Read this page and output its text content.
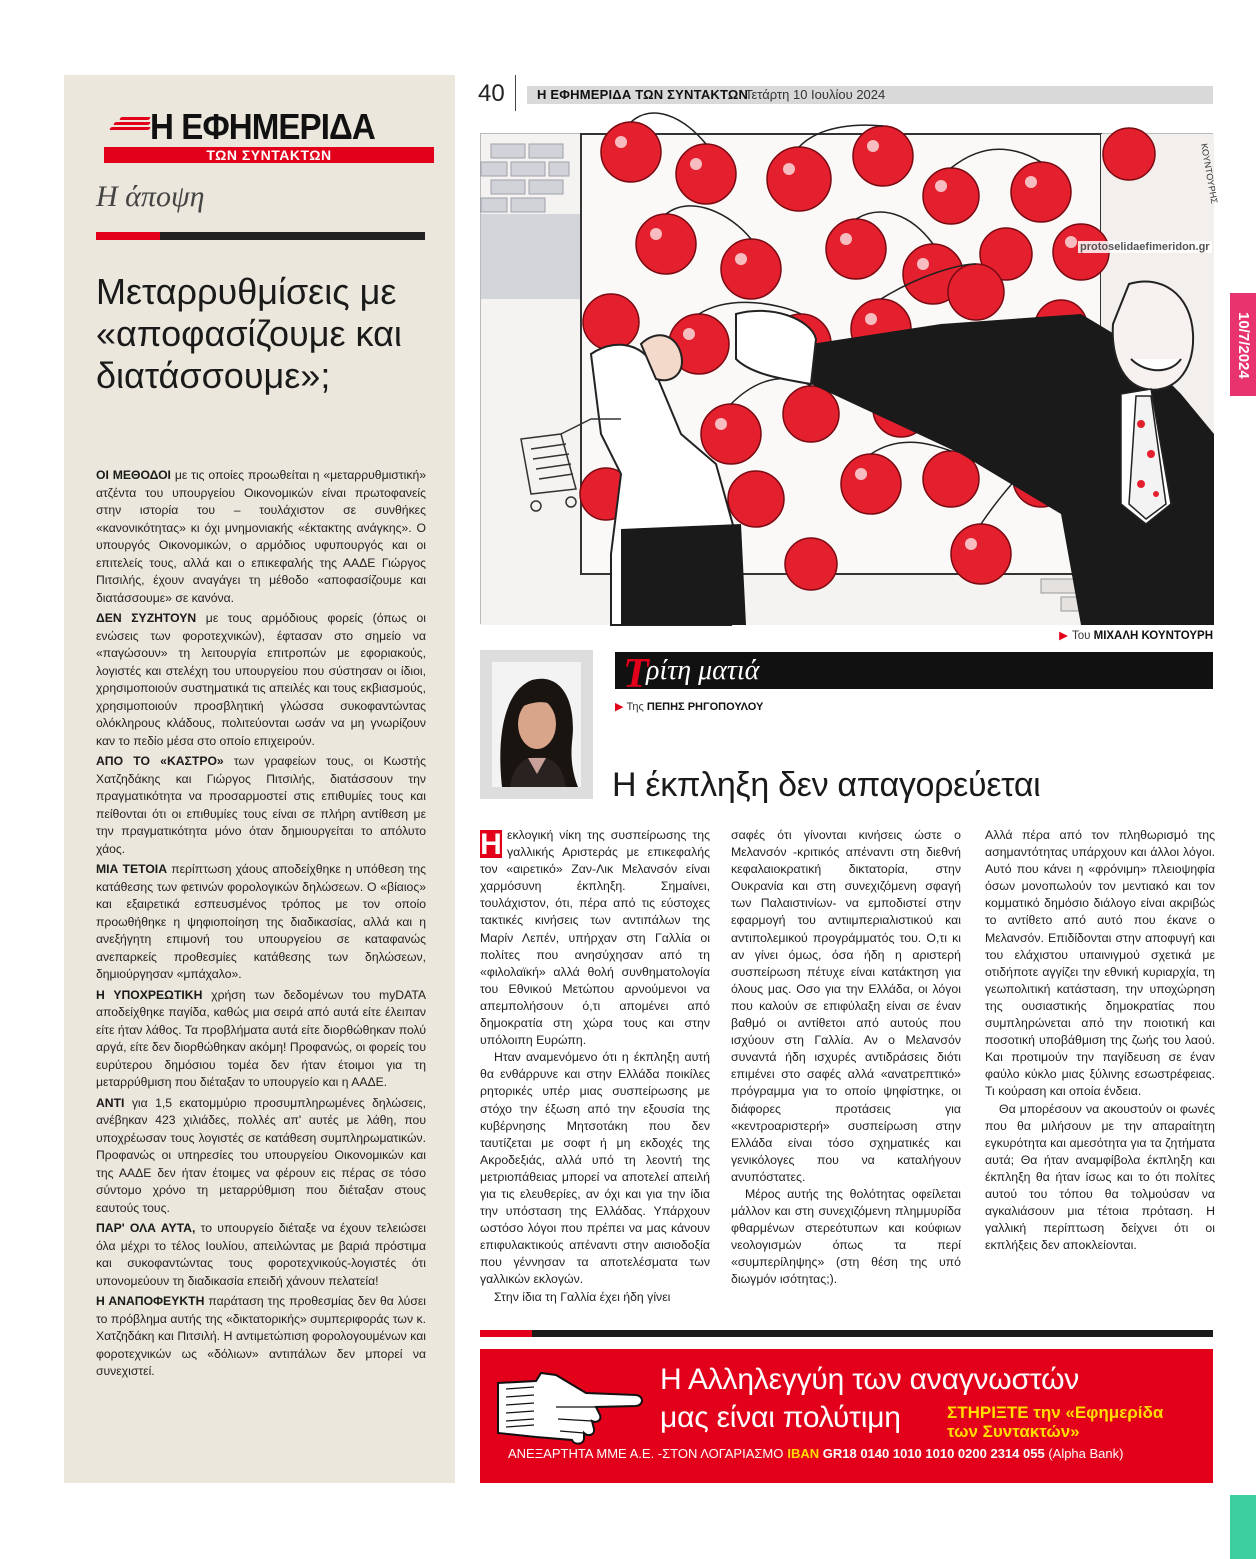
Η ΕΦΗΜΕΡΙΔΑ
ΤΩΝ ΣΥΝΤΑΚΤΩΝ
Η άποψη
Μεταρρυθμίσεις με «αποφασίζουμε και διατάσσουμε»;

ΟΙ ΜΕΘΟΔΟΙ με τις οποίες προωθείται η «μεταρρυθμιστική» ατζέντα του υπουργείου Οικονομικών είναι πρωτοφανείς στην ιστορία του – τουλάχιστον σε συνθήκες «κανονικότητας» κι όχι μνημονιακής «έκτακτης ανάγκης». Ο υπουργός Οικονομικών, ο αρμόδιος υφυπουργός και οι επιτελείς τους, αλλά και ο επικεφαλής της ΑΑΔΕ Γιώργος Πιτσιλής, έχουν αναγάγει τη μέθοδο «αποφασίζουμε και διατάσσουμε» σε κανόνα.

ΔΕΝ ΣΥΖΗΤΟΥΝ με τους αρμόδιους φορείς (όπως οι ενώσεις των φοροτεχνικών), έφτασαν στο σημείο να «παγώσουν» τη λειτουργία επιτροπών με εφοριακούς, λογιστές και στελέχη του υπουργείου που σύστησαν οι ίδιοι, χρησιμοποιούν συστηματικά τις απειλές και τους εκβιασμούς, χρησιμοποιούν προσβλητική γλώσσα συκοφαντώντας ολόκληρους κλάδους, πολιτεύονται ωσάν να μη γνωρίζουν καν το πεδίο μέσα στο οποίο επιχειρούν.

ΑΠΟ ΤΟ «ΚΑΣΤΡΟ» των γραφείων τους, οι Κωστής Χατζηδάκης και Γιώργος Πιτσιλής, διατάσσουν την πραγματικότητα να προσαρμοστεί στις επιθυμίες τους και πείθονται ότι οι επιθυμίες τους είναι σε πλήρη αντίθεση με την πραγματικότητα μόνο όταν δημιουργείται το απόλυτο χάος.

ΜΙΑ ΤΕΤΟΙΑ περίπτωση χάους αποδείχθηκε η υπόθεση της κατάθεσης των φετινών φορολογικών δηλώσεων. Ο «βίαιος» και εξαιρετικά εσπευσμένος τρόπος με τον οποίο προωθήθηκε η ψηφιοποίηση της διαδικασίας, αλλά και η ανεξήγητη επιμονή του υπουργείου σε καταφανώς ανεπαρκείς προθεσμίες κατάθεσης των δηλώσεων, δημιούργησαν «μπάχαλο».

Η ΥΠΟΧΡΕΩΤΙΚΗ χρήση των δεδομένων του myDATA αποδείχθηκε παγίδα, καθώς μια σειρά από αυτά είτε έλειπαν είτε ήταν λάθος. Τα προβλήματα αυτά είτε διορθώθηκαν πολύ αργά, είτε δεν διορθώθηκαν ακόμη! Προφανώς, οι φορείς του ευρύτερου δημόσιου τομέα δεν ήταν έτοιμοι για τη μεταρρύθμιση που διέταξαν το υπουργείο και η ΑΑΔΕ.

ΑΝΤΙ για 1,5 εκατομμύριο προσυμπληρωμένες δηλώσεις, ανέβηκαν 423 χιλιάδες, πολλές απ' αυτές με λάθη, που υποχρέωσαν τους λογιστές σε κατάθεση συμπληρωματικών. Προφανώς οι υπηρεσίες του υπουργείου Οικονομικών και της ΑΑΔΕ δεν ήταν έτοιμες να φέρουν εις πέρας σε τόσο σύντομο χρόνο τη μεταρρύθμιση που διέταξαν στους εαυτούς τους.

ΠΑΡ' ΟΛΑ ΑΥΤΑ, το υπουργείο διέταξε να έχουν τελειώσει όλα μέχρι το τέλος Ιουλίου, απειλώντας με βαριά πρόστιμα και συκοφαντώντας τους φοροτεχνικούς-λογιστές ότι υπονομεύουν τη διαδικασία επειδή χάνουν πελατεία!

Η ΑΝΑΠΟΦΕΥΚΤΗ παράταση της προθεσμίας δεν θα λύσει το πρόβλημα αυτής της «δικτατορικής» συμπεριφοράς των κ. Χατζηδάκη και Πιτσιλή. Η αντιμετώπιση φορολογουμένων και φοροτεχνικών ως «δόλιων» αντιπάλων δεν μπορεί να συνεχιστεί.

40 Η ΕΦΗΜΕΡΙΔΑ ΤΩΝ ΣΥΝΤΑΚΤΩΝ
Τετάρτη 10 Ιουλίου 2024
ΚΟΥΝΤΟΥΡΗΣ
protoselidaefimeridon.gr
▶ Του ΜΙΧΑΛΗ ΚΟΥΝΤΟΥΡΗ
Τ
ρίτη ματιά
▶ Της ΠΕΠΗΣ ΡΗΓΟΠΟΥΛΟΥ
Η έκπληξη δεν απαγορεύεται

Η εκλογική νίκη της συσπείρωσης της γαλλικής Αριστεράς με επικεφαλής τον «αιρετικό» Ζαν-Λικ Μελανσόν είναι χαρμόσυνη έκπληξη. Σημαίνει, τουλάχιστον, ότι, πέρα από τις εύστοχες τακτικές κινήσεις των αντιπάλων της Μαρίν Λεπέν, υπήρχαν στη Γαλλία οι πολίτες που ανησύχησαν από τη «φιλολαϊκή» αλλά θολή συνθηματολογία του Εθνικού Μετώπου αρνούμενοι να απεμπολήσουν ό,τι απομένει από δημοκρατία στη χώρα τους και στην υπόλοιπη Ευρώπη.

Ηταν αναμενόμενο ότι η έκπληξη αυτή θα ενθάρρυνε και στην Ελλάδα ποικίλες ρητορικές υπέρ μιας συσπείρωσης με στόχο την έξωση από την εξουσία της κυβέρνησης Μητσοτάκη που δεν ταυτίζεται με σοφτ ή μη εκδοχές της Ακροδεξιάς, αλλά υπό τη λεοντή της μετριοπάθειας μπορεί να αποτελεί απειλή για τις ελευθερίες, αν όχι και για την ίδια την υπόσταση της Ελλάδας. Υπάρχουν ωστόσο λόγοι που πρέπει να μας κάνουν επιφυλακτικούς απέναντι στην αισιοδοξία που γέννησαν τα αποτελέσματα των γαλλικών εκλογών.

Στην ίδια τη Γαλλία έχει ήδη γίνει

σαφές ότι γίνονται κινήσεις ώστε ο Μελανσόν -κριτικός απέναντι στη διεθνή κεφαλαιοκρατική δικτατορία, στην Ουκρανία και στη συνεχιζόμενη σφαγή των Παλαιστινίων- να εμποδιστεί στην εφαρμογή του αντιιμπεριαλιστικού και αντιπολεμικού προγράμματός του. Ο,τι κι αν γίνει όμως, όσα ήδη η αριστερή συσπείρωση πέτυχε είναι κατάκτηση για όλους μας. Οσο για την Ελλάδα, οι λόγοι που καλούν σε επιφύλαξη είναι σε έναν βαθμό οι αντίθετοι από αυτούς που ισχύουν στη Γαλλία. Αν ο Μελανσόν συναντά ήδη ισχυρές αντιδράσεις διότι επιμένει στο σαφές αλλά «ανατρεπτικό» πρόγραμμα για το οποίο ψηφίστηκε, οι διάφορες προτάσεις για «κεντροαριστερή» συσπείρωση στην Ελλάδα είναι τόσο σχηματικές και γενικόλογες που να καταλήγουν ανυπόστατες.

Μέρος αυτής της θολότητας οφείλεται μάλλον και στη συνεχιζόμενη πλημμυρίδα φθαρμένων στερεότυπων και κούφιων νεολογισμών όπως τα περί «συμπερίληψης» (στη θέση της υπό διωγμόν ισότητας;).

Αλλά πέρα από τον πληθωρισμό της ασημαντότητας υπάρχουν και άλλοι λόγοι. Αυτό που κάνει η «φρόνιμη» πλειοψηφία όσων μονοπωλούν τον μεντιακό και τον κομματικό δημόσιο διάλογο είναι ακριβώς το αντίθετο από αυτό που έκανε ο Μελανσόν. Επιδίδονται στην αποφυγή και του ελάχιστου υπαινιγμού σχετικά με οτιδήποτε αγγίζει την εθνική κυριαρχία, τη γεωπολιτική κατάσταση, την υποχώρηση της ουσιαστικής δημοκρατίας που συμπληρώνεται από την ποιοτική και ποσοτική υποβάθμιση της ζωής του λαού. Και προτιμούν την παγίδευση σε έναν φαύλο κύκλο μιας ξύλινης εσωστρέφειας. Τι κούραση και οποία ένδεια.

Θα μπορέσουν να ακουστούν οι φωνές που θα μιλήσουν με την απαραίτητη εγκυρότητα και αμεσότητα για τα ζητήματα αυτά; Θα ήταν αναμφίβολα έκπληξη και έκπληξη θα ήταν ίσως και το ότι πολίτες αυτού του τόπου θα τολμούσαν να αγκαλιάσουν μια τέτοια πρόταση. Η γαλλική περίπτωση δείχνει ότι οι εκπλήξεις δεν αποκλείονται.

Η Αλληλεγγύη των αναγνωστών
μας είναι πολύτιμη	ΣΤΗΡΙΞΤΕ την «Εφημερίδα των Συντακτών»
ΑΝΕΞΑΡΤΗΤΑ ΜΜΕ Α.Ε. -ΣΤΟΝ ΛΟΓΑΡΙΑΣΜΟ IBAN GR18 0140 1010 1010 0200 2314 055 (Alpha Bank)
10/7/2024
